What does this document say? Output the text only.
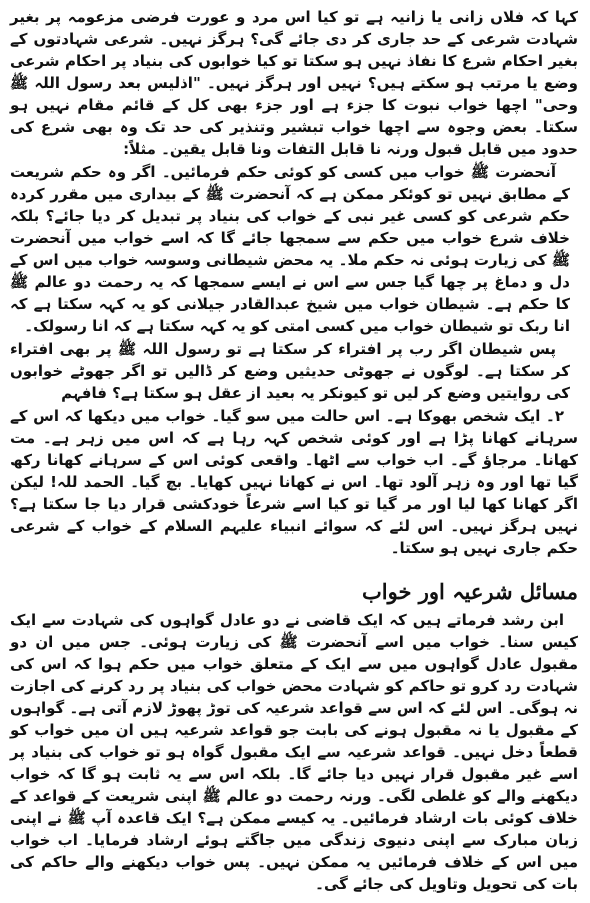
کہا کہ فلاں زانی یا زانیہ ہے تو کیا اس مرد و عورت فرضی مزعومہ پر بغیر شہادت شرعی کے حد جاری کر دی جائے گی؟ ہرگز نہیں۔ شرعی شہادتوں کے بغیر احکام شرع کا نفاذ نہیں ہو سکتا تو کیا خوابوں کی بنیاد پر احکام شرعی وضع یا مرتب ہو سکتے ہیں؟ نہیں اور ہرگز نہیں۔ "اذلیس بعد رسول اللہ ﷺ وحی" اچھا خواب نبوت کا جزء ہے اور جزء بھی کل کے قائم مقام نہیں ہو سکتا۔ بعض وجوہ سے اچھا خواب تبشیر وتنذیر کی حد تک وہ بھی شرع کی حدود میں قابل قبول ورنہ نا قابل التفات ونا قابل یقین۔ مثلاً:

آنحضرت ﷺ خواب میں کسی کو کوئی حکم فرمائیں۔ اگر وہ حکم شریعت کے مطابق نہیں تو کوئکر ممکن ہے کہ آنحضرت ﷺ کے بیداری میں مقرر کردہ حکم شرعی کو کسی غیر نبی کے خواب کی بنیاد پر تبدیل کر دیا جائے؟ بلکہ خلاف شرع خواب میں حکم سے سمجھا جائے گا کہ اسے خواب میں آنحضرت ﷺ کی زیارت ہوئی نہ حکم ملا۔ یہ محض شیطانی وسوسہ خواب میں اس کے دل و دماغ پر چھا گیا جس سے اس نے ایسے سمجھا کہ یہ رحمت دو عالم ﷺ کا حکم ہے۔ شیطان خواب میں شیخ عبدالقادر جیلانی کو یہ کہہ سکتا ہے کہ انا ربک تو شیطان خواب میں کسی امتی کو یہ کہہ سکتا ہے کہ انا رسولک۔

پس شیطان اگر رب پر افتراء کر سکتا ہے تو رسول اللہ ﷺ پر بھی افتراء کر سکتا ہے۔ لوگوں نے جھوٹی حدیثیں وضع کر ڈالیں تو اگر جھوٹے خوابوں کی روایتیں وضع کر لیں تو کیونکر یہ بعید از عقل ہو سکتا ہے؟ فافہم

۲۔ ایک شخص بھوکا ہے۔ اس حالت میں سو گیا۔ خواب میں دیکھا کہ اس کے سرہانے کھانا پڑا ہے اور کوئی شخص کہہ رہا ہے کہ اس میں زہر ہے۔ مت کھانا۔ مرجاؤ گے۔ اب خواب سے اٹھا۔ واقعی کوئی اس کے سرہانے کھانا رکھ گیا تھا اور وہ زہر آلود تھا۔ اس نے کھانا نہیں کھایا۔ بچ گیا۔ الحمد للہ! لیکن اگر کھانا کھا لیا اور مر گیا تو کیا اسے شرعاً خودکشی قرار دیا جا سکتا ہے؟ نہیں ہرگز نہیں۔ اس لئے کہ سوائے انبیاء علیہم السلام کے خواب کے شرعی حکم جاری نہیں ہو سکتا۔

مسائل شرعیہ اور خواب

ابن رشد فرماتے ہیں کہ ایک قاضی نے دو عادل گواہوں کی شہادت سے ایک کیس سنا۔ خواب میں اسے آنحضرت ﷺ کی زیارت ہوئی۔ جس میں ان دو مقبول عادل گواہوں میں سے ایک کے متعلق خواب میں حکم ہوا کہ اس کی شہادت رد کرو تو حاکم کو شہادت محض خواب کی بنیاد پر رد کرنے کی اجازت نہ ہوگی۔ اس لئے کہ اس سے قواعد شرعیہ کی توڑ پھوڑ لازم آتی ہے۔ گواہوں کے مقبول یا نہ مقبول ہونے کی بابت جو قواعد شرعیہ ہیں ان میں خواب کو قطعاً دخل نہیں۔ قواعد شرعیہ سے ایک مقبول گواہ ہو تو خواب کی بنیاد پر اسے غیر مقبول قرار نہیں دیا جائے گا۔ بلکہ اس سے یہ ثابت ہو گا کہ خواب دیکھنے والے کو غلطی لگی۔ ورنہ رحمت دو عالم ﷺ اپنی شریعت کے قواعد کے خلاف کوئی بات ارشاد فرمائیں۔ یہ کیسے ممکن ہے؟ ایک قاعدہ آپ ﷺ نے اپنی زبان مبارک سے اپنی دنیوی زندگی میں جاگتے ہوئے ارشاد فرمایا۔ اب خواب میں اس کے خلاف فرمائیں یہ ممکن نہیں۔ پس خواب دیکھنے والے حاکم کی بات کی تحویل وتاویل کی جائے گی۔
